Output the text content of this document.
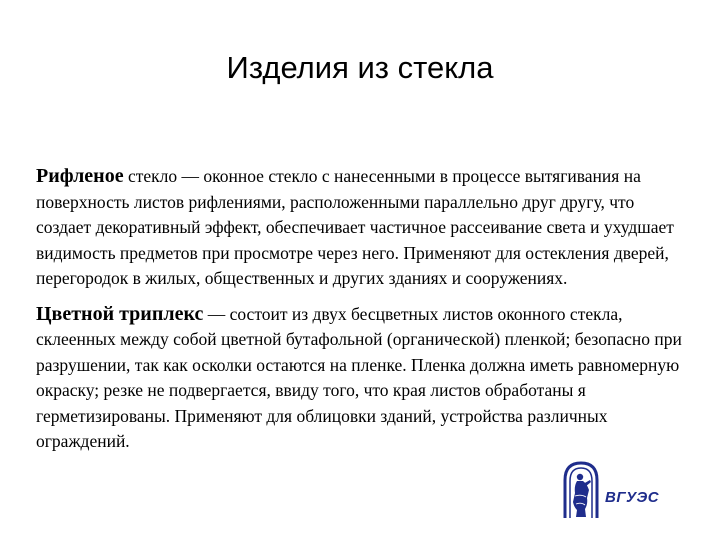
Изделия из стекла

Рифленое стекло — оконное стекло с нанесенными в процессе вытягивания на поверхность листов рифлениями, расположенными параллельно друг другу, что создает декоративный эффект, обеспечивает частичное рассеивание света и ухудшает видимость предметов при просмотре через него. Применяют для остекления дверей, перегородок в жилых, общественных и других зданиях и сооружениях.

Цветной триплекс — состоит из двух бесцветных листов оконного стекла, склеенных между собой цветной бутафольной (органической) пленкой; безопасно при разрушении, так как осколки остаются на пленке. Пленка должна иметь равномерную окраску; резке не подвергается, ввиду того, что края листов обработаны я герметизированы. Применяют для облицовки зданий, устройства различных ограждений.

ВГУЭС
